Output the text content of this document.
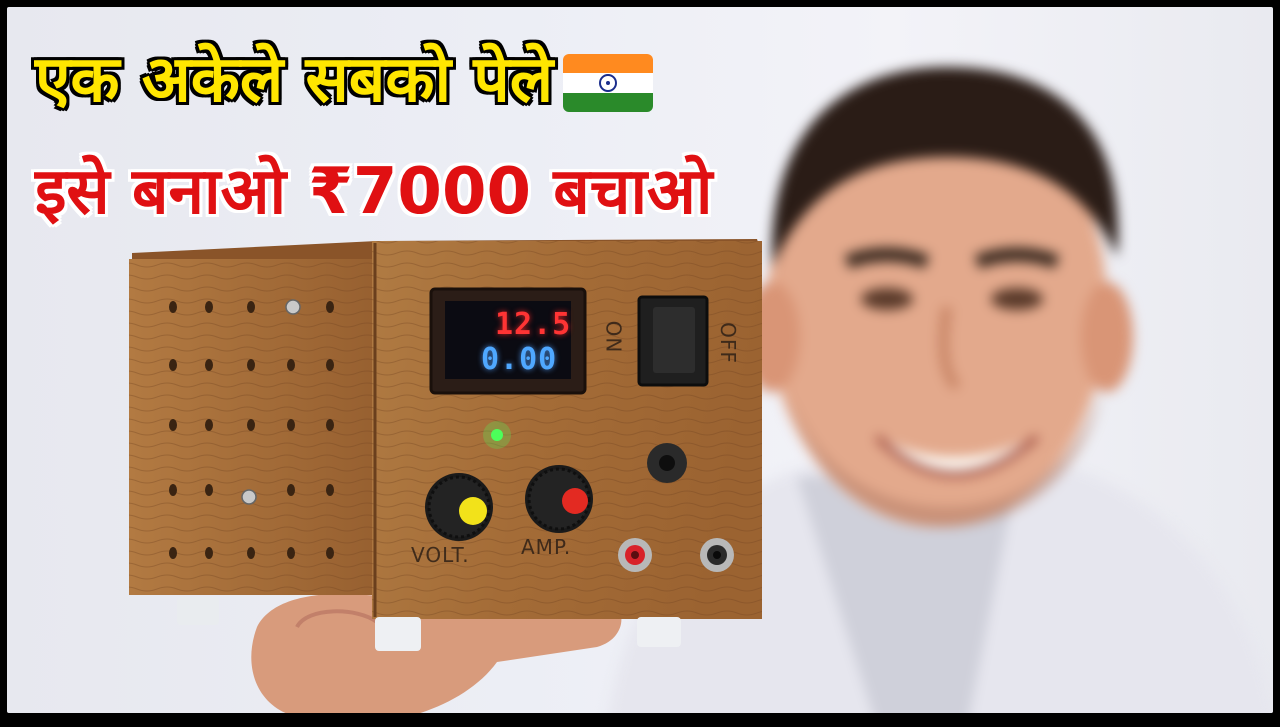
एक अकेले सबको पेले
इसे बनाओ ₹7000 बचाओ
12.5
0.00
ON	OFF
VOLT.	AMP.
